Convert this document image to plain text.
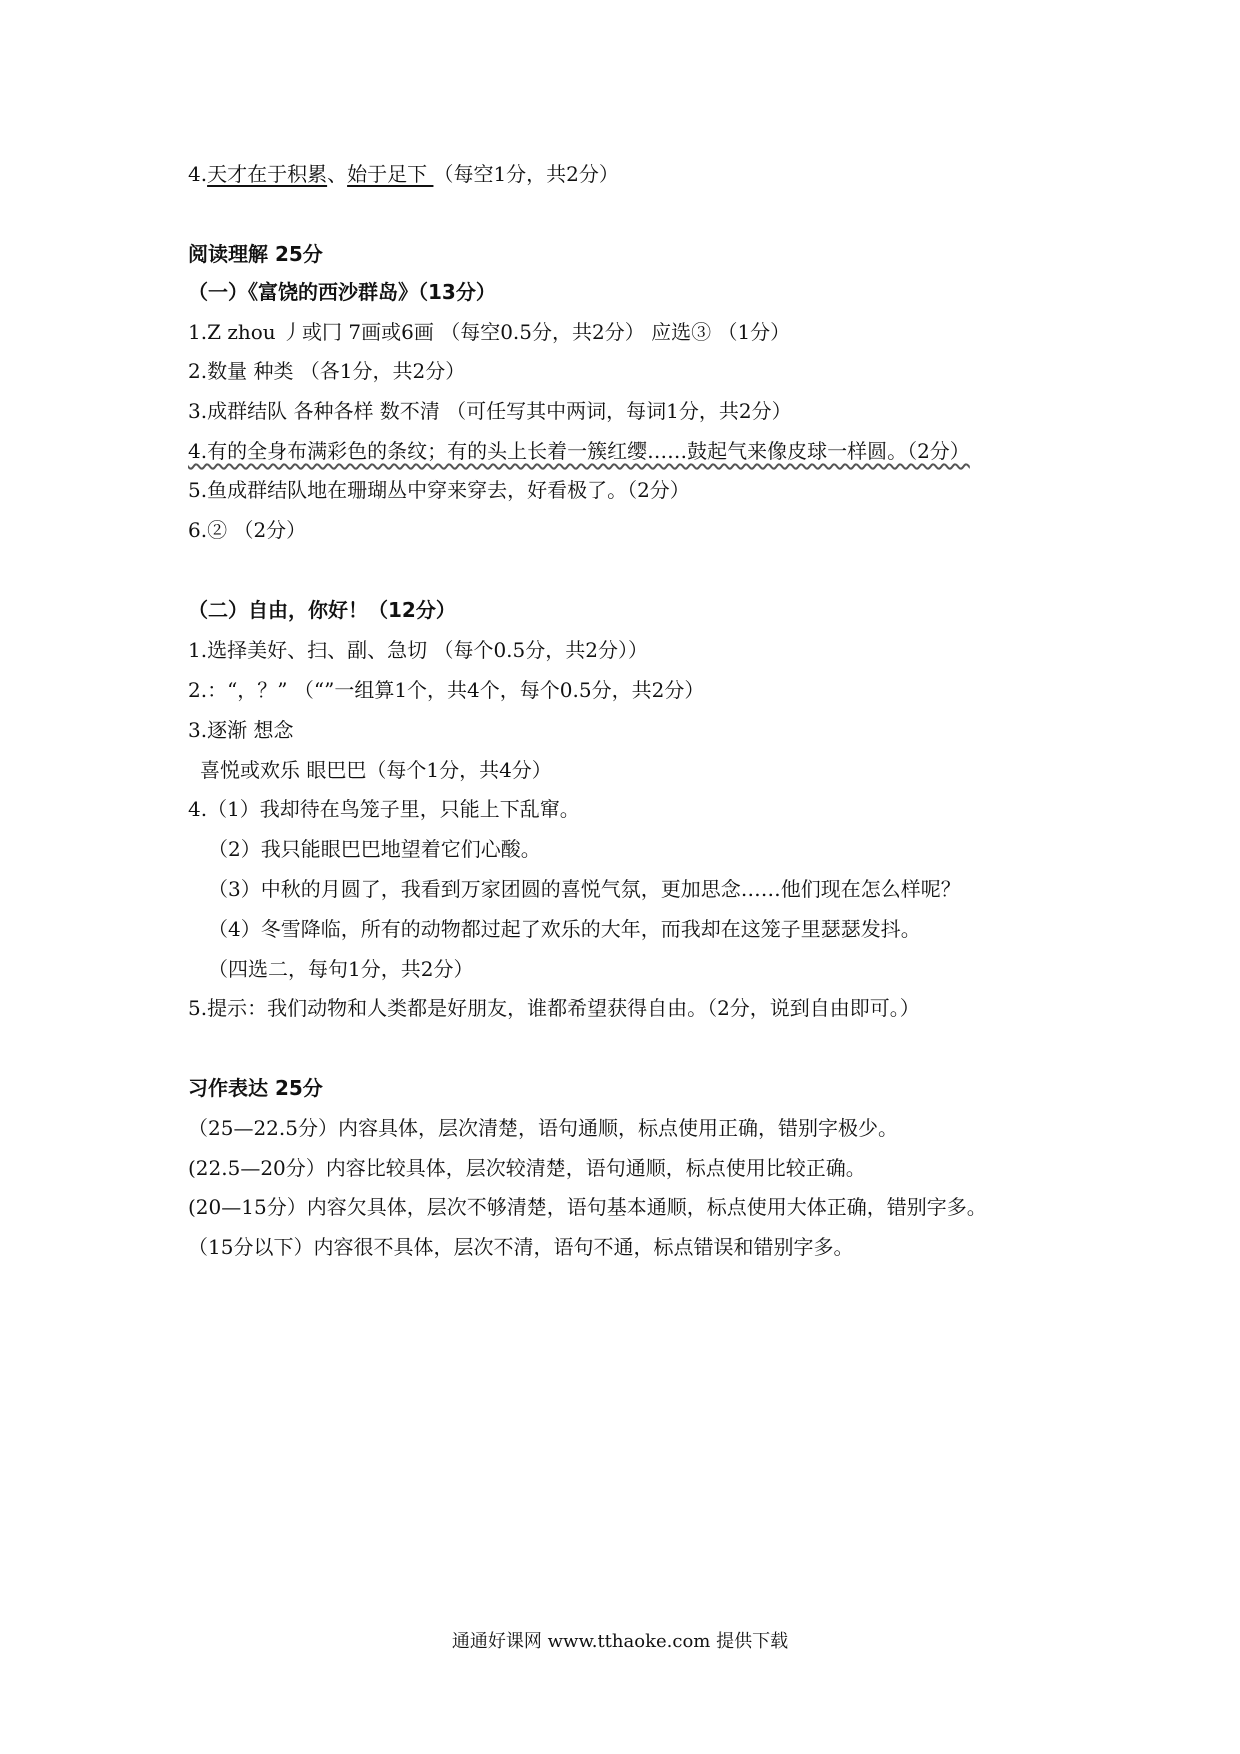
4.天才在于积累、始于足下 （每空1分，共2分）
阅读理解 25分
（一）《富饶的西沙群岛》（13分）
1.Z zhou 丿或冂 7画或6画 （每空0.5分，共2分） 应选③ （1分）
2.数量 种类 （各1分，共2分）
3.成群结队 各种各样 数不清 （可任写其中两词，每词1分，共2分）
4.有的全身布满彩色的条纹；有的头上长着一簇红缨……鼓起气来像皮球一样圆。（2分）
5.鱼成群结队地在珊瑚丛中穿来穿去，好看极了。（2分）
6.② （2分）
（二）自由，你好！（12分）
1.选择美好、扫、副、急切 （每个0.5分，共2分））
2.：“，？” （“”一组算1个，共4个，每个0.5分，共2分）
3.逐渐 想念
喜悦或欢乐 眼巴巴（每个1分，共4分）
4.（1）我却待在鸟笼子里，只能上下乱窜。
（2）我只能眼巴巴地望着它们心酸。
（3）中秋的月圆了，我看到万家团圆的喜悦气氛，更加思念……他们现在怎么样呢？
（4）冬雪降临，所有的动物都过起了欢乐的大年，而我却在这笼子里瑟瑟发抖。
（四选二，每句1分，共2分）
5.提示：我们动物和人类都是好朋友，谁都希望获得自由。（2分，说到自由即可。）
习作表达 25分
（25—22.5分）内容具体，层次清楚，语句通顺，标点使用正确，错别字极少。
(22.5—20分）内容比较具体，层次较清楚，语句通顺，标点使用比较正确。
(20—15分）内容欠具体，层次不够清楚，语句基本通顺，标点使用大体正确，错别字多。
（15分以下）内容很不具体，层次不清，语句不通，标点错误和错别字多。
通通好课网 www.tthaoke.com 提供下载
